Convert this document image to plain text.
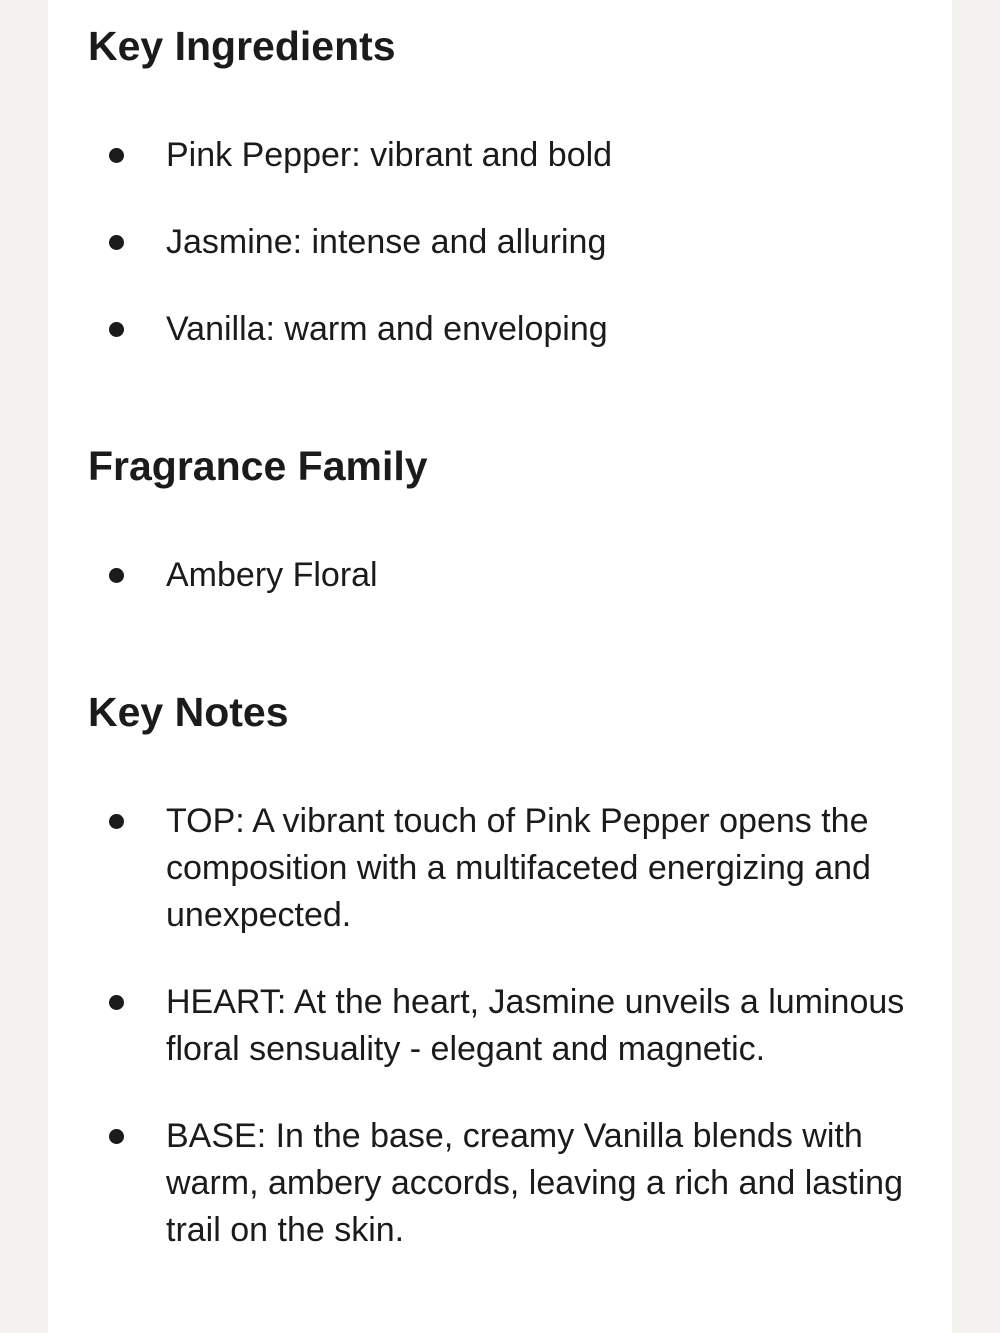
Key Ingredients
Pink Pepper: vibrant and bold
Jasmine: intense and alluring
Vanilla: warm and enveloping
Fragrance Family
Ambery Floral
Key Notes
TOP: A vibrant touch of Pink Pepper opens the composition with a multifaceted energizing and unexpected.
HEART: At the heart, Jasmine unveils a luminous floral sensuality - elegant and magnetic.
BASE: In the base, creamy Vanilla blends with warm, ambery accords, leaving a rich and lasting trail on the skin.
